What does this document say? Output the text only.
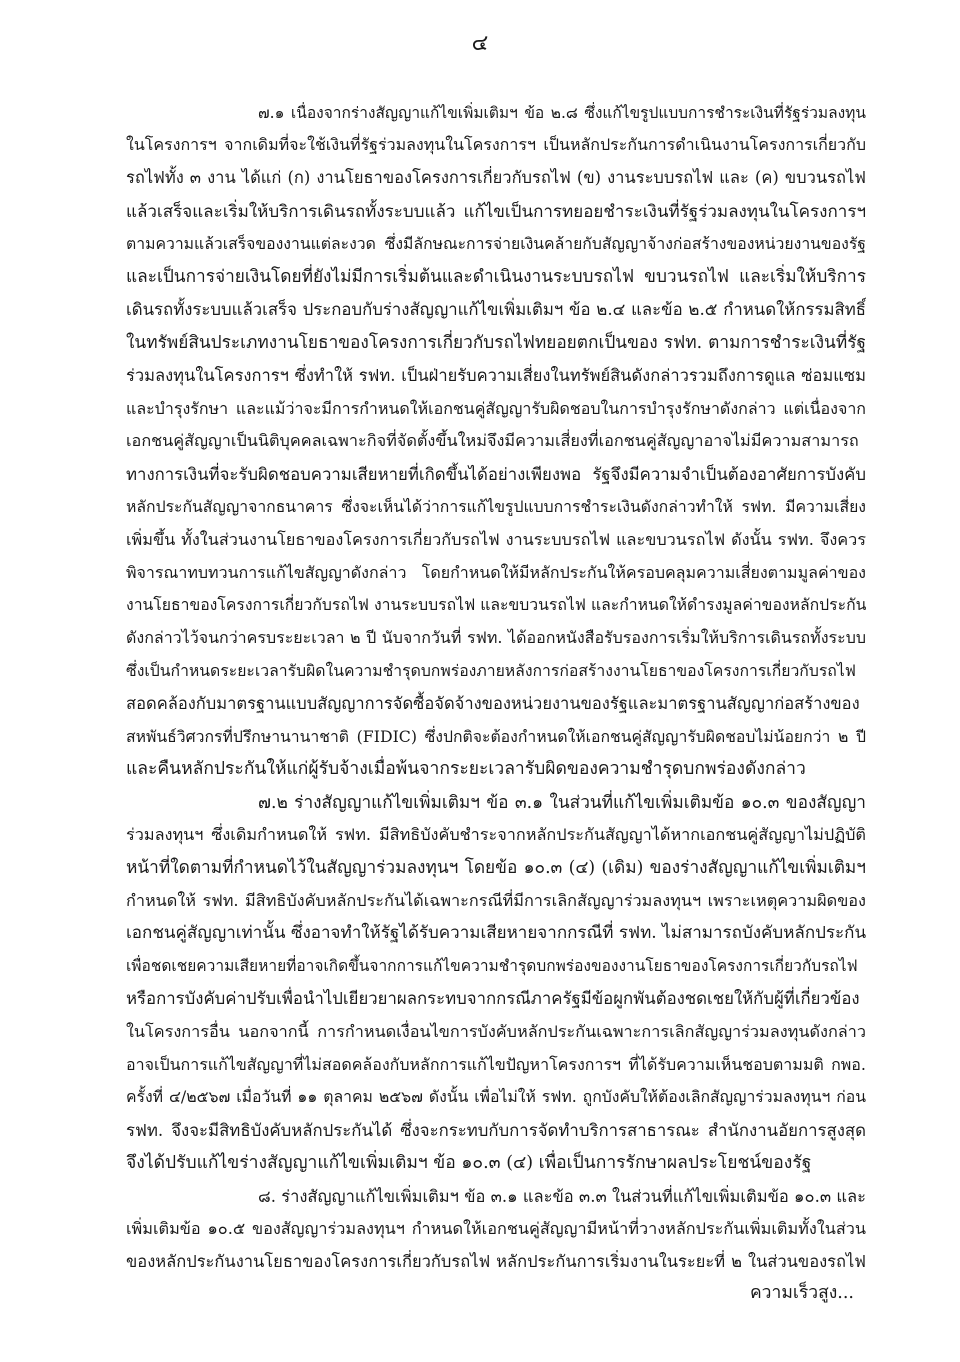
๔
๗.๑ เนื่องจากร่างสัญญาแก้ไขเพิ่มเติมฯ ข้อ ๒.๘ ซึ่งแก้ไขรูปแบบการชำระเงินที่รัฐร่วมลงทุน
ในโครงการฯ จากเดิมที่จะใช้เงินที่รัฐร่วมลงทุนในโครงการฯ เป็นหลักประกันการดำเนินงานโครงการเกี่ยวกับ
รถไฟทั้ง ๓ งาน ได้แก่ (ก) งานโยธาของโครงการเกี่ยวกับรถไฟ (ข) งานระบบรถไฟ และ (ค) ขบวนรถไฟ
แล้วเสร็จและเริ่มให้บริการเดินรถทั้งระบบแล้ว แก้ไขเป็นการทยอยชำระเงินที่รัฐร่วมลงทุนในโครงการฯ
ตามความแล้วเสร็จของงานแต่ละงวด ซึ่งมีลักษณะการจ่ายเงินคล้ายกับสัญญาจ้างก่อสร้างของหน่วยงานของรัฐ
และเป็นการจ่ายเงินโดยที่ยังไม่มีการเริ่มต้นและดำเนินงานระบบรถไฟ ขบวนรถไฟ และเริ่มให้บริการ
เดินรถทั้งระบบแล้วเสร็จ ประกอบกับร่างสัญญาแก้ไขเพิ่มเติมฯ ข้อ ๒.๔ และข้อ ๒.๕ กำหนดให้กรรมสิทธิ์
ในทรัพย์สินประเภทงานโยธาของโครงการเกี่ยวกับรถไฟทยอยตกเป็นของ รฟท. ตามการชำระเงินที่รัฐ
ร่วมลงทุนในโครงการฯ ซึ่งทำให้ รฟท. เป็นฝ่ายรับความเสี่ยงในทรัพย์สินดังกล่าวรวมถึงการดูแล ซ่อมแซม
และบำรุงรักษา และแม้ว่าจะมีการกำหนดให้เอกชนคู่สัญญารับผิดชอบในการบำรุงรักษาดังกล่าว แต่เนื่องจาก
เอกชนคู่สัญญาเป็นนิติบุคคลเฉพาะกิจที่จัดตั้งขึ้นใหม่จึงมีความเสี่ยงที่เอกชนคู่สัญญาอาจไม่มีความสามารถ
ทางการเงินที่จะรับผิดชอบความเสียหายที่เกิดขึ้นได้อย่างเพียงพอ รัฐจึงมีความจำเป็นต้องอาศัยการบังคับ
หลักประกันสัญญาจากธนาคาร ซึ่งจะเห็นได้ว่าการแก้ไขรูปแบบการชำระเงินดังกล่าวทำให้ รฟท. มีความเสี่ยง
เพิ่มขึ้น ทั้งในส่วนงานโยธาของโครงการเกี่ยวกับรถไฟ งานระบบรถไฟ และขบวนรถไฟ ดังนั้น รฟท. จึงควร
พิจารณาทบทวนการแก้ไขสัญญาดังกล่าว โดยกำหนดให้มีหลักประกันให้ครอบคลุมความเสี่ยงตามมูลค่าของ
งานโยธาของโครงการเกี่ยวกับรถไฟ งานระบบรถไฟ และขบวนรถไฟ และกำหนดให้ดำรงมูลค่าของหลักประกัน
ดังกล่าวไว้จนกว่าครบระยะเวลา ๒ ปี นับจากวันที่ รฟท. ได้ออกหนังสือรับรองการเริ่มให้บริการเดินรถทั้งระบบ
ซึ่งเป็นกำหนดระยะเวลารับผิดในความชำรุดบกพร่องภายหลังการก่อสร้างงานโยธาของโครงการเกี่ยวกับรถไฟ
สอดคล้องกับมาตรฐานแบบสัญญาการจัดซื้อจัดจ้างของหน่วยงานของรัฐและมาตรฐานสัญญาก่อสร้างของ
สหพันธ์วิศวกรที่ปรึกษานานาชาติ (FIDIC) ซึ่งปกติจะต้องกำหนดให้เอกชนคู่สัญญารับผิดชอบไม่น้อยกว่า ๒ ปี
และคืนหลักประกันให้แก่ผู้รับจ้างเมื่อพ้นจากระยะเวลารับผิดของความชำรุดบกพร่องดังกล่าว
๗.๒ ร่างสัญญาแก้ไขเพิ่มเติมฯ ข้อ ๓.๑ ในส่วนที่แก้ไขเพิ่มเติมข้อ ๑๐.๓ ของสัญญา
ร่วมลงทุนฯ ซึ่งเดิมกำหนดให้ รฟท. มีสิทธิบังคับชำระจากหลักประกันสัญญาได้หากเอกชนคู่สัญญาไม่ปฏิบัติ
หน้าที่ใดตามที่กำหนดไว้ในสัญญาร่วมลงทุนฯ โดยข้อ ๑๐.๓ (๔) (เดิม) ของร่างสัญญาแก้ไขเพิ่มเติมฯ
กำหนดให้ รฟท. มีสิทธิบังคับหลักประกันได้เฉพาะกรณีที่มีการเลิกสัญญาร่วมลงทุนฯ เพราะเหตุความผิดของ
เอกชนคู่สัญญาเท่านั้น ซึ่งอาจทำให้รัฐได้รับความเสียหายจากกรณีที่ รฟท. ไม่สามารถบังคับหลักประกัน
เพื่อชดเชยความเสียหายที่อาจเกิดขึ้นจากการแก้ไขความชำรุดบกพร่องของงานโยธาของโครงการเกี่ยวกับรถไฟ
หรือการบังคับค่าปรับเพื่อนำไปเยียวยาผลกระทบจากกรณีภาครัฐมีข้อผูกพันต้องชดเชยให้กับผู้ที่เกี่ยวข้อง
ในโครงการอื่น นอกจากนี้ การกำหนดเงื่อนไขการบังคับหลักประกันเฉพาะการเลิกสัญญาร่วมลงทุนดังกล่าว
อาจเป็นการแก้ไขสัญญาที่ไม่สอดคล้องกับหลักการแก้ไขปัญหาโครงการฯ ที่ได้รับความเห็นชอบตามมติ กพอ.
ครั้งที่ ๔/๒๕๖๗ เมื่อวันที่ ๑๑ ตุลาคม ๒๕๖๗ ดังนั้น เพื่อไม่ให้ รฟท. ถูกบังคับให้ต้องเลิกสัญญาร่วมลงทุนฯ ก่อน
รฟท. จึงจะมีสิทธิบังคับหลักประกันได้ ซึ่งจะกระทบกับการจัดทำบริการสาธารณะ สำนักงานอัยการสูงสุด
จึงได้ปรับแก้ไขร่างสัญญาแก้ไขเพิ่มเติมฯ ข้อ ๑๐.๓ (๔) เพื่อเป็นการรักษาผลประโยชน์ของรัฐ
๘. ร่างสัญญาแก้ไขเพิ่มเติมฯ ข้อ ๓.๑ และข้อ ๓.๓ ในส่วนที่แก้ไขเพิ่มเติมข้อ ๑๐.๓ และ
เพิ่มเติมข้อ ๑๐.๕ ของสัญญาร่วมลงทุนฯ กำหนดให้เอกชนคู่สัญญามีหน้าที่วางหลักประกันเพิ่มเติมทั้งในส่วน
ของหลักประกันงานโยธาของโครงการเกี่ยวกับรถไฟ หลักประกันการเริ่มงานในระยะที่ ๒ ในส่วนของรถไฟ
ความเร็วสูง...
